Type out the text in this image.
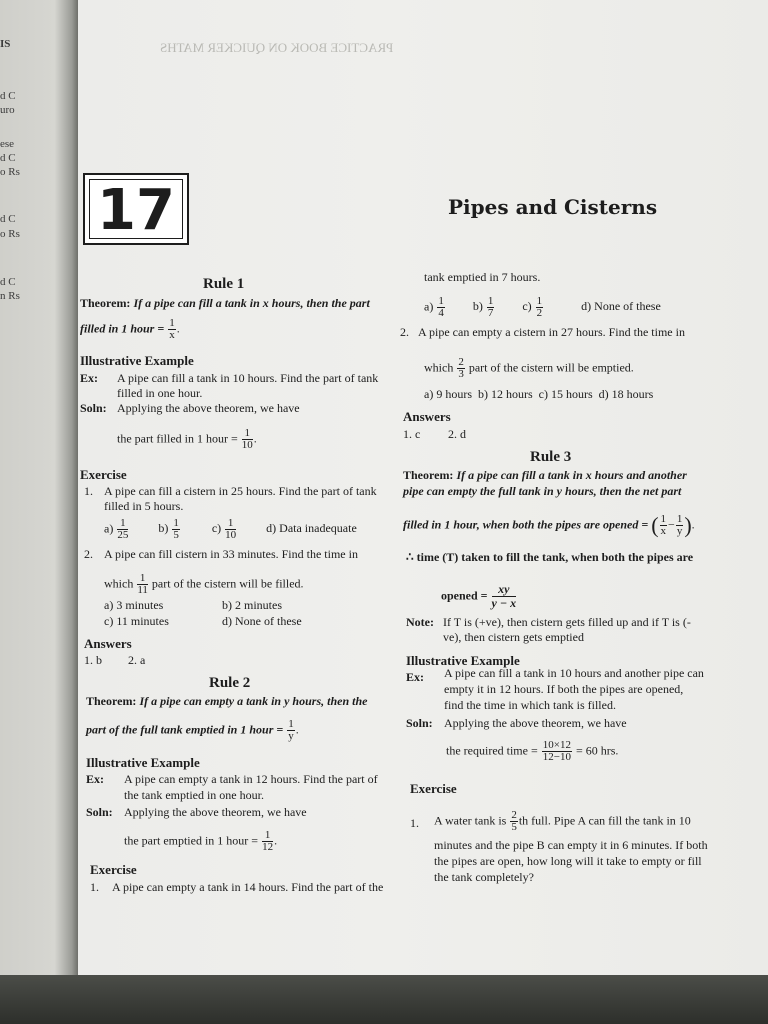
IS
d C
uro
ese
d C
o Rs
d C
o Rs
d C
n Rs
PRACTICE BOOK ON QUICKER MATHS
17	Pipes and Cisterns
Rule 1
Theorem: If a pipe can fill a tank in x hours, then the part
filled in 1 hour = $\frac{1}{x}$ .
Illustrative Example
Ex: A pipe can fill a tank in 10 hours. Find the part of tank
filled in one hour.
Soln: Applying the above theorem, we have
the part filled in 1 hour = $\frac{1}{10}$ .
Exercise
1. A pipe can fill a cistern in 25 hours. Find the part of tank
filled in 5 hours.
$a) \frac{1}{25}$	$b) \frac{1}{5}$	$c) \frac{1}{10}$	d) Data inadequate
2. A pipe can fill cistern in 33 minutes. Find the time in
which $\frac{1}{11}$ part of the cistern will be filled.
a) 3 minutes	b) 2 minutes
c) 11 minutes	d) None of these
Answers
1. b 2. a
Rule 2
Theorem: If a pipe can empty a tank in y hours, then the
part of the full tank emptied in 1 hour = $\frac{1}{y}$ .
Illustrative Example
Ex: A pipe can empty a tank in 12 hours. Find the part of
the tank emptied in one hour.
Soln: Applying the above theorem, we have
the part emptied in 1 hour = $\frac{1}{12}$ .
Exercise
1. A pipe can empty a tank in 14 hours. Find the part of the
tank emptied in 7 hours.
$a) \frac{1}{4} b) \frac{1}{7} c) \frac{1}{2}$	d) None of these
2. A pipe can empty a cistern in 27 hours. Find the time in
which $\frac{2}{3}$ part of the cistern will be emptied.
a) 9 hours  b) 12 hours  c) 15 hours  d) 18 hours
Answers
1. c 2. d
Rule 3
Theorem: If a pipe can fill a tank in x hours and another
pipe can empty the full tank in y hours, then the net part
filled in 1 hour, when both the pipes are opened = ( $\frac{1}{x} - \frac{1}{y}$ ).
∴ time (T) taken to fill the tank, when both the pipes are
opened = $\frac{xy}{y - x}$
Note: If T is (+ve), then cistern gets filled up and if T is (-
ve), then cistern gets emptied
Illustrative Example
Ex: A pipe can fill a tank in 10 hours and another pipe can
empty it in 12 hours. If both the pipes are opened,
find the time in which tank is filled.
Soln: Applying the above theorem, we have
the required time = $\frac{10\times 12}{12-10} = 60$ hrs.
Exercise
1. A water tank is $\frac{2}{5}$ th full. Pipe A can fill the tank in 10
minutes and the pipe B can empty it in 6 minutes. If both
the pipes are open, how long will it take to empty or fill
the tank completely?
